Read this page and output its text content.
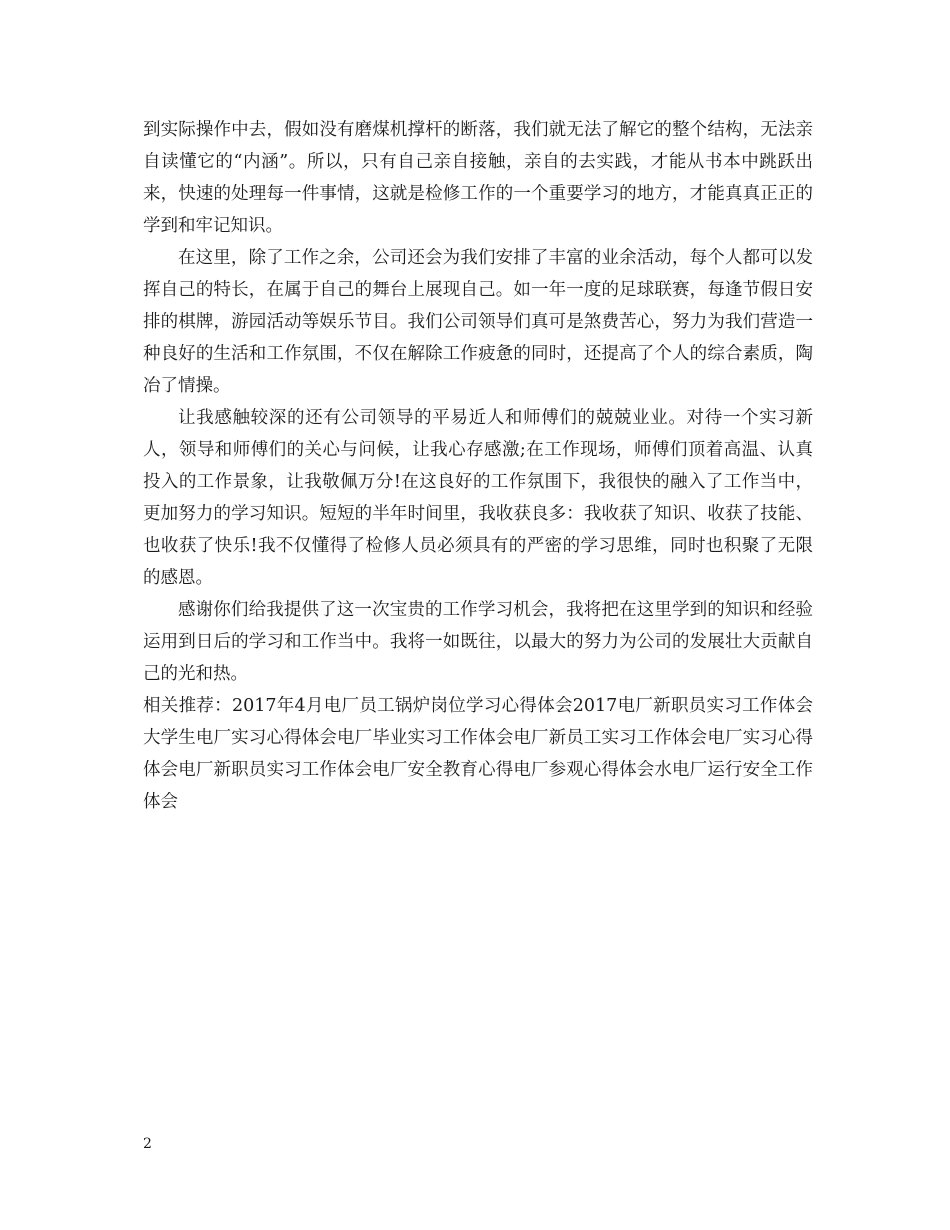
到实际操作中去，假如没有磨煤机撑杆的断落，我们就无法了解它的整个结构，无法亲自读懂它的“内涵”。所以，只有自己亲自接触，亲自的去实践，才能从书本中跳跃出来，快速的处理每一件事情，这就是检修工作的一个重要学习的地方，才能真真正正的学到和牢记知识。

在这里，除了工作之余，公司还会为我们安排了丰富的业余活动，每个人都可以发挥自己的特长，在属于自己的舞台上展现自己。如一年一度的足球联赛，每逢节假日安排的棋牌，游园活动等娱乐节目。我们公司领导们真可是煞费苦心，努力为我们营造一种良好的生活和工作氛围，不仅在解除工作疲惫的同时，还提高了个人的综合素质，陶冶了情操。

让我感触较深的还有公司领导的平易近人和师傅们的兢兢业业。对待一个实习新人，领导和师傅们的关心与问候，让我心存感激;在工作现场，师傅们顶着高温、认真投入的工作景象，让我敬佩万分!在这良好的工作氛围下，我很快的融入了工作当中，更加努力的学习知识。短短的半年时间里，我收获良多：我收获了知识、收获了技能、也收获了快乐!我不仅懂得了检修人员必须具有的严密的学习思维，同时也积聚了无限的感恩。

感谢你们给我提供了这一次宝贵的工作学习机会，我将把在这里学到的知识和经验运用到日后的学习和工作当中。我将一如既往，以最大的努力为公司的发展壮大贡献自己的光和热。

相关推荐：2017年4月电厂员工锅炉岗位学习心得体会2017电厂新职员实习工作体会大学生电厂实习心得体会电厂毕业实习工作体会电厂新员工实习工作体会电厂实习心得体会电厂新职员实习工作体会电厂安全教育心得电厂参观心得体会水电厂运行安全工作体会

2
